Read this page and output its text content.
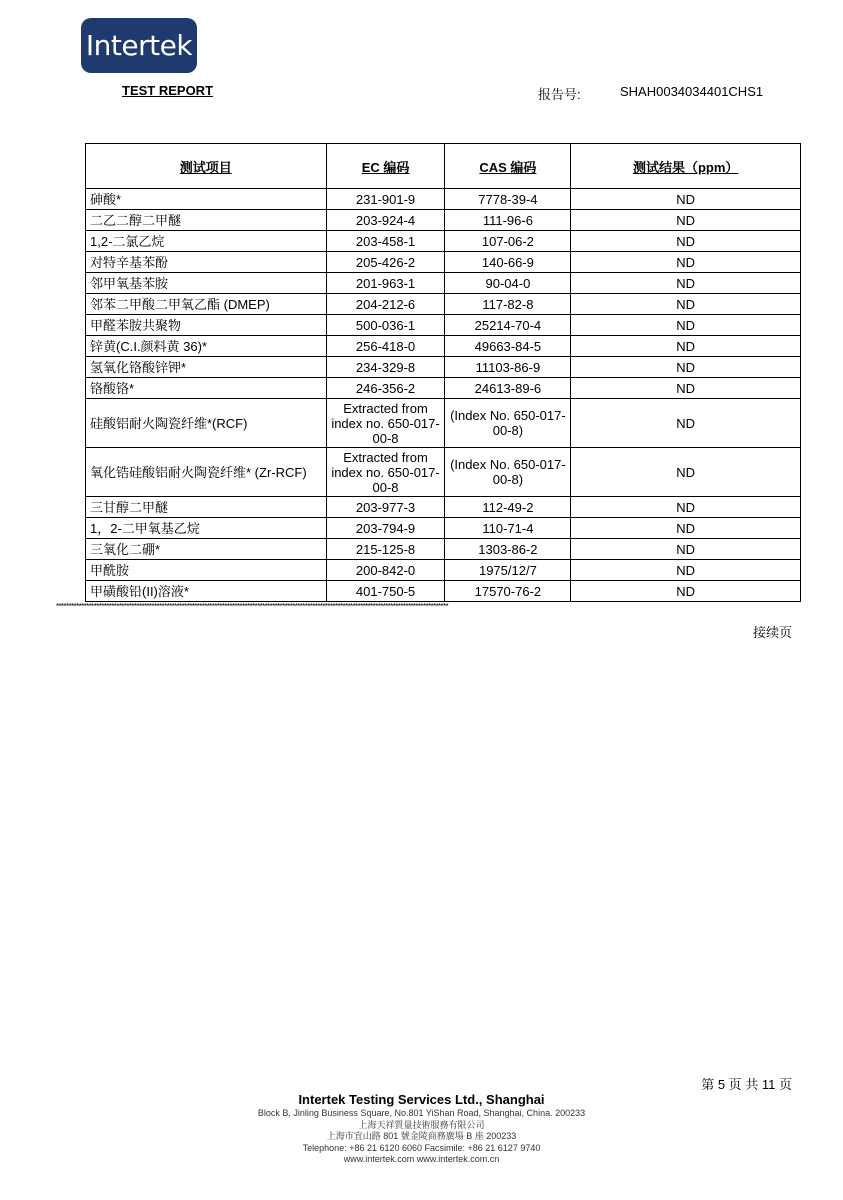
Intertek
TEST REPORT	报告号:	SHAH0034034401CHS1
测试项目	EC 编码	CAS 编码	测试结果（ppm）
砷酸*	231-901-9	7778-39-4	ND
二乙二醇二甲醚	203-924-4	111-96-6	ND
1,2-二氯乙烷	203-458-1	107-06-2	ND
对特辛基苯酚	205-426-2	140-66-9	ND
邻甲氧基苯胺	201-963-1	90-04-0	ND
邻苯二甲酸二甲氧乙酯 (DMEP)	204-212-6	117-82-8	ND
甲醛苯胺共聚物	500-036-1	25214-70-4	ND
锌黄(C.I.颜料黄 36)*	256-418-0	49663-84-5	ND
氢氧化铬酸锌钾*	234-329-8	11103-86-9	ND
铬酸铬*	246-356-2	24613-89-6	ND
硅酸铝耐火陶瓷纤维*(RCF)	Extracted from index no. 650-017-00-8	(Index No. 650-017-00-8)	ND
氧化锆硅酸铝耐火陶瓷纤维* (Zr-RCF)	Extracted from index no. 650-017-00-8	(Index No. 650-017-00-8)	ND
三甘醇二甲醚	203-977-3	112-49-2	ND
1，2-二甲氧基乙烷	203-794-9	110-71-4	ND
三氧化二硼*	215-125-8	1303-86-2	ND
甲酰胺	200-842-0	1975/12/7	ND
甲磺酸铅(II)溶液*	401-750-5	17570-76-2	ND
************************************************************************************************************************************************************
接续页
第 5 页 共 11 页
Intertek Testing Services Ltd., Shanghai
Block B, Jinling Business Square, No.801 YiShan Road, Shanghai, China. 200233
上海天祥質量技術服務有限公司
上海市宜山路 801 號金陵商務廣場 B 座 200233
Telephone: +86 21 6120 6060 Facsimile: +86 21 6127 9740
www.intertek.com www.intertek.com.cn
